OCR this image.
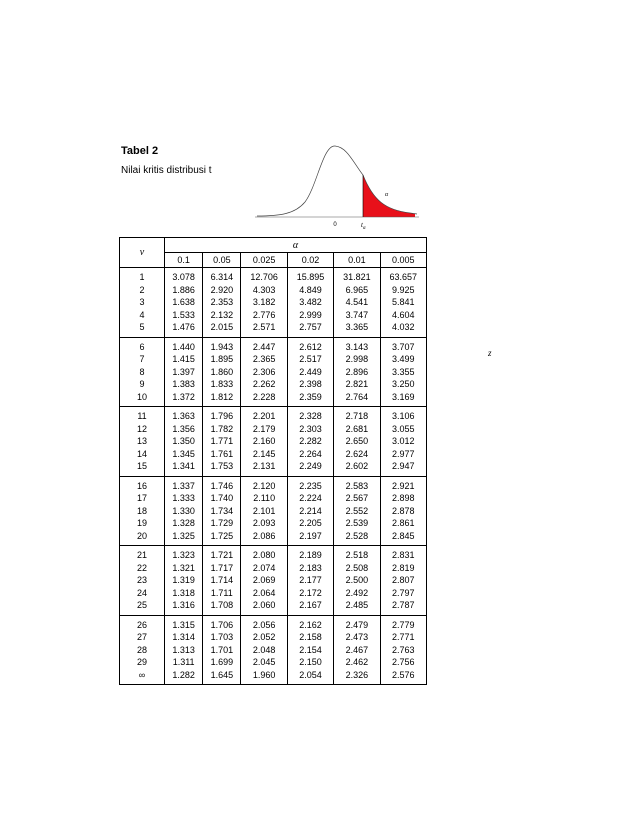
Tabel 2
Nilai kritis distribusi t
0	$t_\alpha$
α
z
ν	α					
	0.1	0.05	0.025	0.02	0.01	0.005
1	3.078	6.314	12.706	15.895	31.821	63.657
2	1.886	2.920	4.303	4.849	6.965	9.925
3	1.638	2.353	3.182	3.482	4.541	5.841
4	1.533	2.132	2.776	2.999	3.747	4.604
5	1.476	2.015	2.571	2.757	3.365	4.032
6	1.440	1.943	2.447	2.612	3.143	3.707
7	1.415	1.895	2.365	2.517	2.998	3.499
8	1.397	1.860	2.306	2.449	2.896	3.355
9	1.383	1.833	2.262	2.398	2.821	3.250
10	1.372	1.812	2.228	2.359	2.764	3.169
11	1.363	1.796	2.201	2.328	2.718	3.106
12	1.356	1.782	2.179	2.303	2.681	3.055
13	1.350	1.771	2.160	2.282	2.650	3.012
14	1.345	1.761	2.145	2.264	2.624	2.977
15	1.341	1.753	2.131	2.249	2.602	2.947
16	1.337	1.746	2.120	2.235	2.583	2.921
17	1.333	1.740	2.110	2.224	2.567	2.898
18	1.330	1.734	2.101	2.214	2.552	2.878
19	1.328	1.729	2.093	2.205	2.539	2.861
20	1.325	1.725	2.086	2.197	2.528	2.845
21	1.323	1.721	2.080	2.189	2.518	2.831
22	1.321	1.717	2.074	2.183	2.508	2.819
23	1.319	1.714	2.069	2.177	2.500	2.807
24	1.318	1.711	2.064	2.172	2.492	2.797
25	1.316	1.708	2.060	2.167	2.485	2.787
26	1.315	1.706	2.056	2.162	2.479	2.779
27	1.314	1.703	2.052	2.158	2.473	2.771
28	1.313	1.701	2.048	2.154	2.467	2.763
29	1.311	1.699	2.045	2.150	2.462	2.756
∞	1.282	1.645	1.960	2.054	2.326	2.576
